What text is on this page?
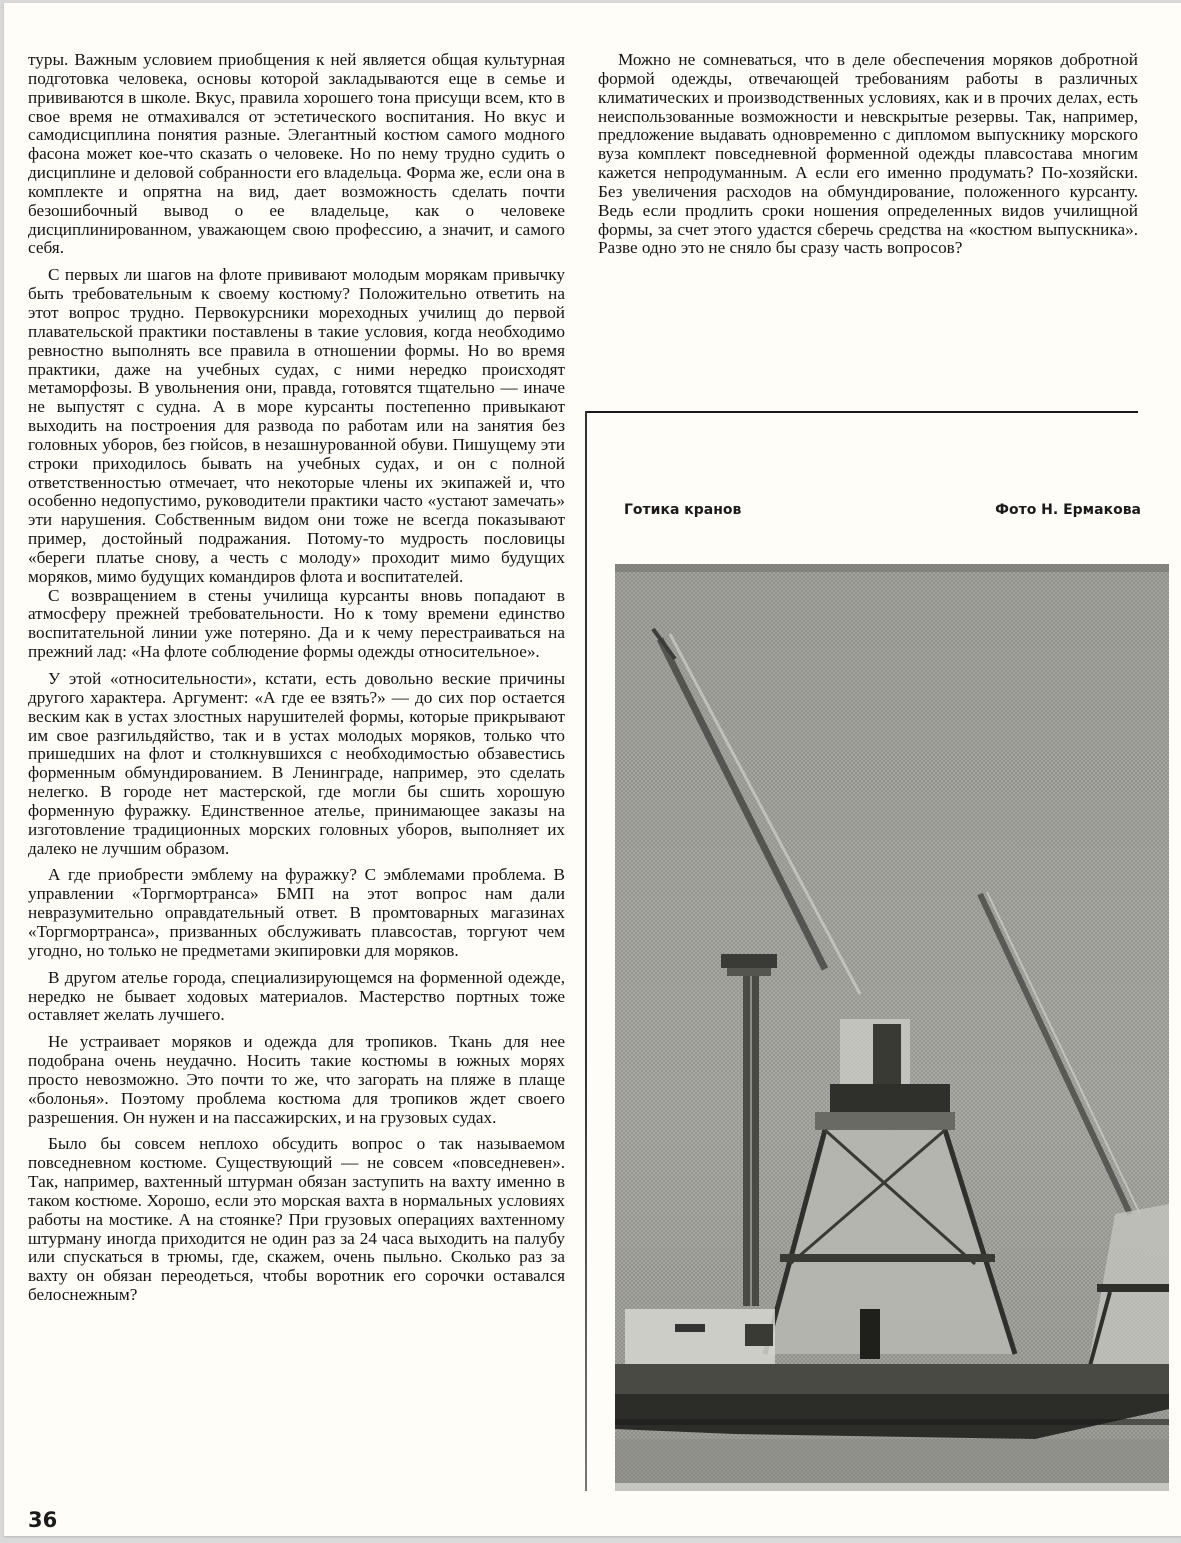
туры. Важным условием приобщения к ней является общая культурная подготовка человека, основы которой закладываются еще в семье и прививаются в школе. Вкус, правила хорошего тона присущи всем, кто в свое время не отмахивался от эстетического воспитания. Но вкус и самодисциплина понятия разные. Элегантный костюм самого модного фасона может кое-что сказать о человеке. Но по нему трудно судить о дисциплине и деловой собранности его владельца. Форма же, если она в комплекте и опрятна на вид, дает возможность сделать почти безошибочный вывод о ее владельце, как о человеке дисциплинированном, уважающем свою профессию, а значит, и самого себя.

С первых ли шагов на флоте прививают молодым морякам привычку быть требовательным к своему костюму? Положительно ответить на этот вопрос трудно. Первокурсники мореходных училищ до первой плавательской практики поставлены в такие условия, когда необходимо ревностно выполнять все правила в отношении формы. Но во время практики, даже на учебных судах, с ними нередко происходят метаморфозы. В увольнения они, правда, готовятся тщательно — иначе не выпустят с судна. А в море курсанты постепенно привыкают выходить на построения для развода по работам или на занятия без головных уборов, без гюйсов, в незашнурованной обуви. Пишущему эти строки приходилось бывать на учебных судах, и он с полной ответственностью отмечает, что некоторые члены их экипажей и, что особенно недопустимо, руководители практики часто «устают замечать» эти нарушения. Собственным видом они тоже не всегда показывают пример, достойный подражания. Потому-то мудрость пословицы «береги платье снову, а честь с молоду» проходит мимо будущих моряков, мимо будущих командиров флота и воспитателей.

С возвращением в стены училища курсанты вновь попадают в атмосферу прежней требовательности. Но к тому времени единство воспитательной линии уже потеряно. Да и к чему перестраиваться на прежний лад: «На флоте соблюдение формы одежды относительное».

У этой «относительности», кстати, есть довольно веские причины другого характера. Аргумент: «А где ее взять?» — до сих пор остается веским как в устах злостных нарушителей формы, которые прикрывают им свое разгильдяйство, так и в устах молодых моряков, только что пришедших на флот и столкнувшихся с необходимостью обзавестись форменным обмундированием. В Ленинграде, например, это сделать нелегко. В городе нет мастерской, где могли бы сшить хорошую форменную фуражку. Единственное ателье, принимающее заказы на изготовление традиционных морских головных уборов, выполняет их далеко не лучшим образом.

А где приобрести эмблему на фуражку? С эмблемами проблема. В управлении «Торгмортранса» БМП на этот вопрос нам дали невразумительно оправдательный ответ. В промтоварных магазинах «Торгмортранса», призванных обслуживать плавсостав, торгуют чем угодно, но только не предметами экипировки для моряков.

В другом ателье города, специализирующемся на форменной одежде, нередко не бывает ходовых материалов. Мастерство портных тоже оставляет желать лучшего.

Не устраивает моряков и одежда для тропиков. Ткань для нее подобрана очень неудачно. Носить такие костюмы в южных морях просто невозможно. Это почти то же, что загорать на пляже в плаще «болонья». Поэтому проблема костюма для тропиков ждет своего разрешения. Он нужен и на пассажирских, и на грузовых судах.

Было бы совсем неплохо обсудить вопрос о так называемом повседневном костюме. Существующий — не совсем «повседневен». Так, например, вахтенный штурман обязан заступить на вахту именно в таком костюме. Хорошо, если это морская вахта в нормальных условиях работы на мостике. А на стоянке? При грузовых операциях вахтенному штурману иногда приходится не один раз за 24 часа выходить на палубу или спускаться в трюмы, где, скажем, очень пыльно. Сколько раз за вахту он обязан переодеться, чтобы воротник его сорочки оставался белоснежным?

Можно не сомневаться, что в деле обеспечения моряков добротной формой одежды, отвечающей требованиям работы в различных климатических и производственных условиях, как и в прочих делах, есть неиспользованные возможности и невскрытые резервы. Так, например, предложение выдавать одновременно с дипломом выпускнику морского вуза комплект повседневной форменной одежды плавсостава многим кажется непродуманным. А если его именно продумать? По-хозяйски. Без увеличения расходов на обмундирование, положенного курсанту. Ведь если продлить сроки ношения определенных видов училищной формы, за счет этого удастся сберечь средства на «костюм выпускника». Разве одно это не сняло бы сразу часть вопросов?

Готика кранов	Фото Н. Ермакова
36
